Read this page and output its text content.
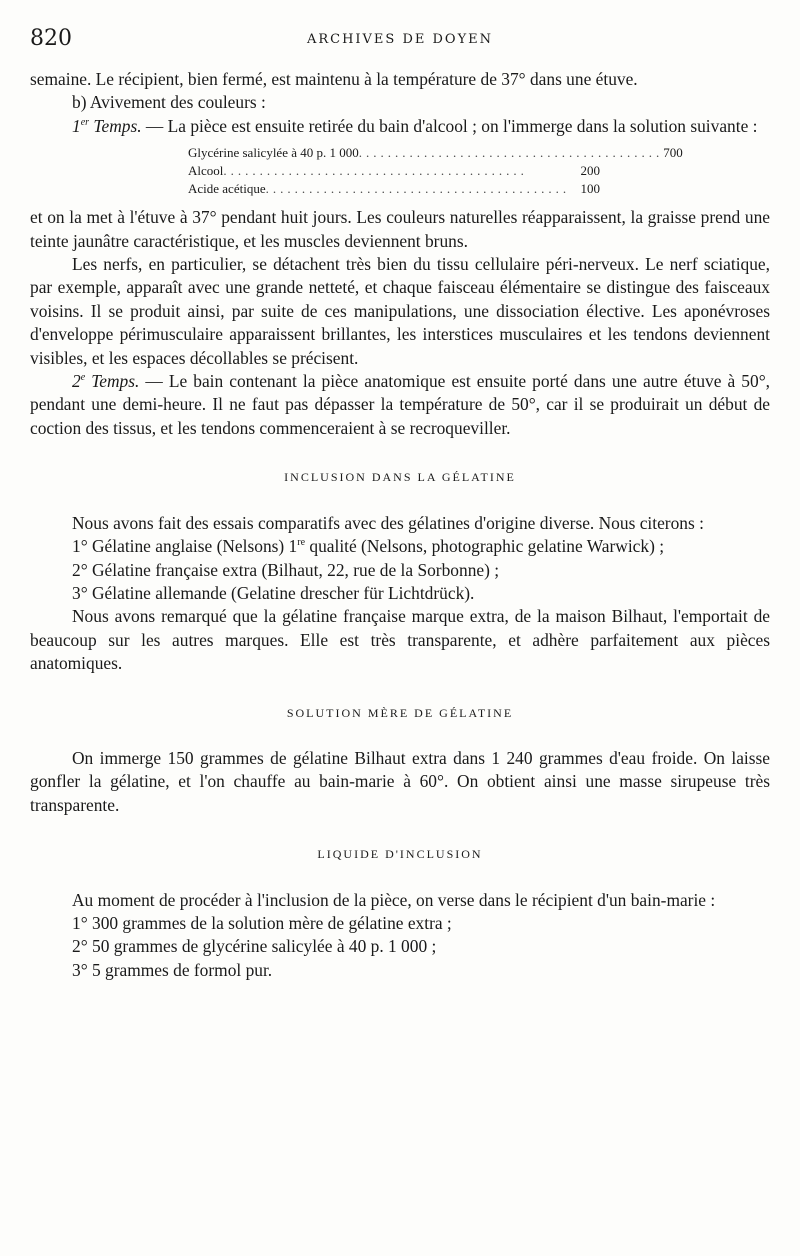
820	ARCHIVES DE DOYEN

semaine. Le récipient, bien fermé, est maintenu à la température de 37° dans une étuve.

b) Avivement des couleurs :

1er Temps. — La pièce est ensuite retirée du bain d'alcool ; on l'immerge dans la solution suivante :

Glycérine salicylée à 40 p. 1 000 .......................................... 700
Alcool ..........................................	200
Acide acétique .......................................... 100

et on la met à l'étuve à 37° pendant huit jours. Les couleurs naturelles réapparaissent, la graisse prend une teinte jaunâtre caractéristique, et les muscles deviennent bruns.

Les nerfs, en particulier, se détachent très bien du tissu cellulaire péri-nerveux. Le nerf sciatique, par exemple, apparaît avec une grande netteté, et chaque faisceau élémentaire se distingue des faisceaux voisins. Il se produit ainsi, par suite de ces manipulations, une dissociation élective. Les aponévroses d'enveloppe périmusculaire apparaissent brillantes, les interstices musculaires et les tendons deviennent visibles, et les espaces décollables se précisent.

2e Temps. — Le bain contenant la pièce anatomique est ensuite porté dans une autre étuve à 50°, pendant une demi-heure. Il ne faut pas dépasser la température de 50°, car il se produirait un début de coction des tissus, et les tendons commenceraient à se recroqueviller.

INCLUSION DANS LA GÉLATINE

Nous avons fait des essais comparatifs avec des gélatines d'origine diverse. Nous citerons :

1° Gélatine anglaise (Nelsons) 1re qualité (Nelsons, photographic gelatine Warwick) ;

2° Gélatine française extra (Bilhaut, 22, rue de la Sorbonne) ;

3° Gélatine allemande (Gelatine drescher für Lichtdrück).

Nous avons remarqué que la gélatine française marque extra, de la maison Bilhaut, l'emportait de beaucoup sur les autres marques. Elle est très transparente, et adhère parfaitement aux pièces anatomiques.

SOLUTION MÈRE DE GÉLATINE

On immerge 150 grammes de gélatine Bilhaut extra dans 1 240 grammes d'eau froide. On laisse gonfler la gélatine, et l'on chauffe au bain-marie à 60°. On obtient ainsi une masse sirupeuse très transparente.

LIQUIDE D'INCLUSION

Au moment de procéder à l'inclusion de la pièce, on verse dans le récipient d'un bain-marie :

1° 300 grammes de la solution mère de gélatine extra ;

2° 50 grammes de glycérine salicylée à 40 p. 1 000 ;

3° 5 grammes de formol pur.
